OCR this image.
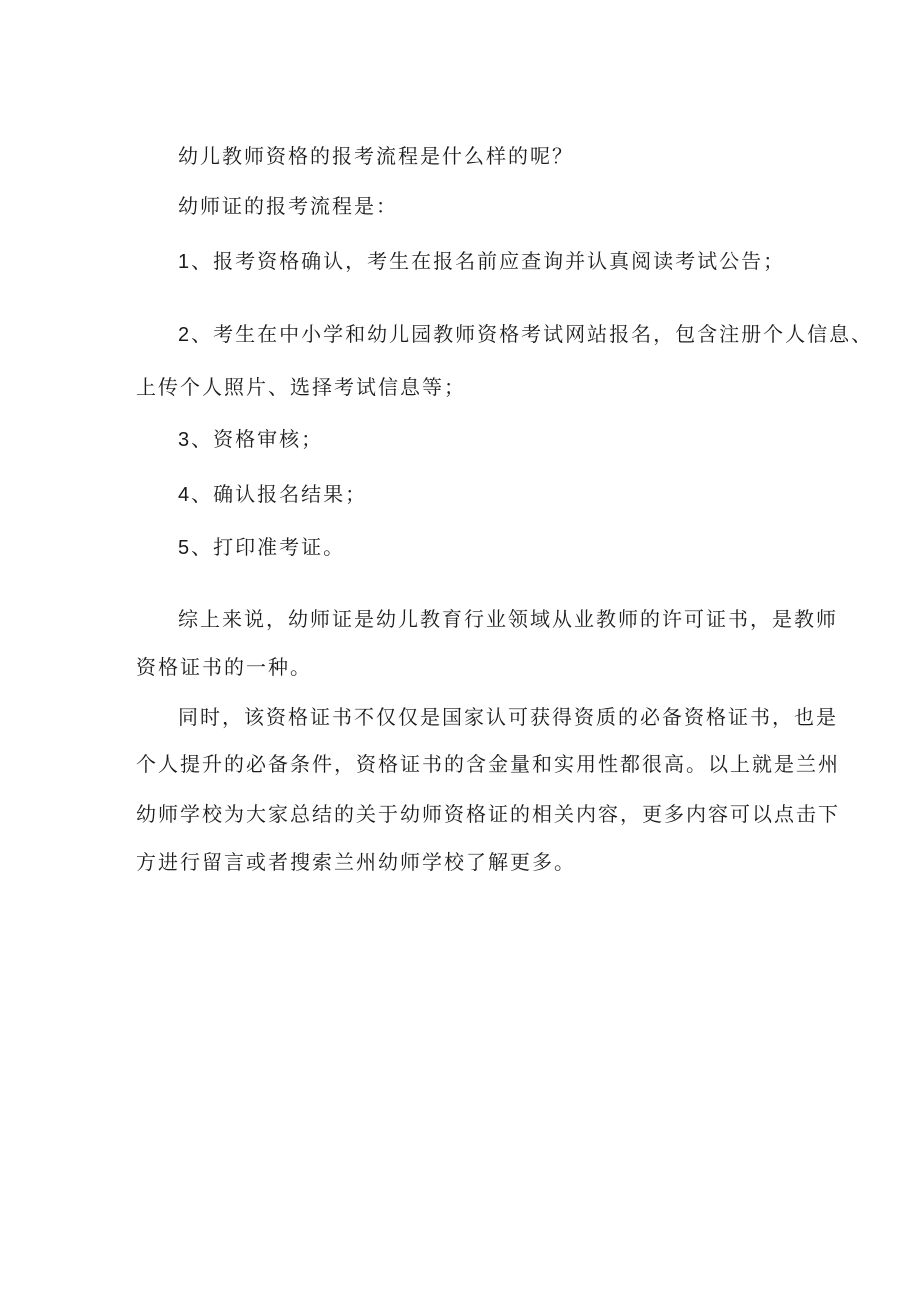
幼儿教师资格的报考流程是什么样的呢？

幼师证的报考流程是：

1、报考资格确认，考生在报名前应查询并认真阅读考试公告；

2、考生在中小学和幼儿园教师资格考试网站报名，包含注册个人信息、

上传个人照片、选择考试信息等；

3、资格审核；

4、确认报名结果；

5、打印准考证。

综上来说，幼师证是幼儿教育行业领域从业教师的许可证书，是教师

资格证书的一种。

同时，该资格证书不仅仅是国家认可获得资质的必备资格证书，也是

个人提升的必备条件，资格证书的含金量和实用性都很高。以上就是兰州

幼师学校为大家总结的关于幼师资格证的相关内容，更多内容可以点击下

方进行留言或者搜索兰州幼师学校了解更多。
